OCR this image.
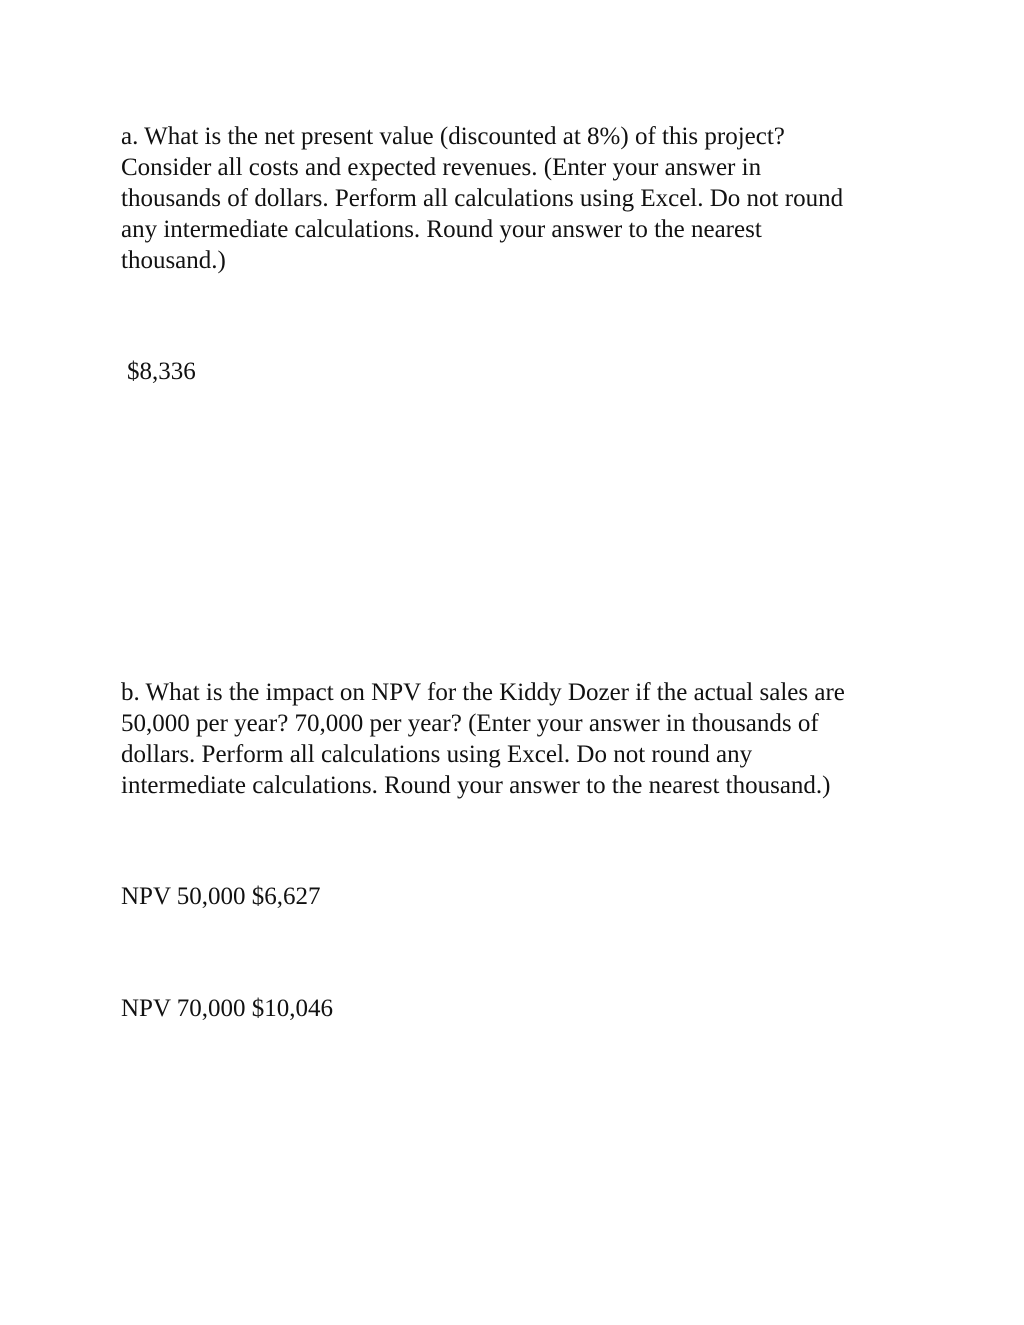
a. What is the net present value (discounted at 8%) of this project?
Consider all costs and expected revenues. (Enter your answer in
thousands of dollars. Perform all calculations using Excel. Do not round
any intermediate calculations. Round your answer to the nearest
thousand.)

$8,336

b. What is the impact on NPV for the Kiddy Dozer if the actual sales are
50,000 per year? 70,000 per year? (Enter your answer in thousands of
dollars. Perform all calculations using Excel. Do not round any
intermediate calculations. Round your answer to the nearest thousand.)

NPV 50,000 $6,627

NPV 70,000 $10,046
